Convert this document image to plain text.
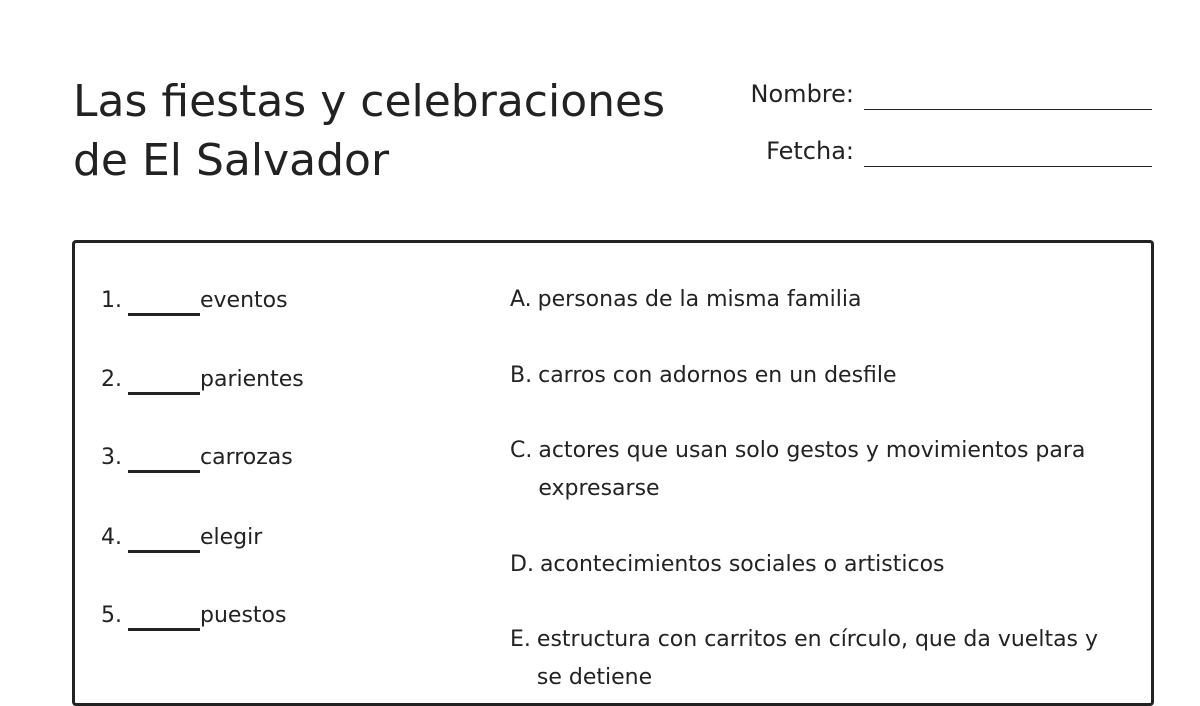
Las fiestas y celebraciones
de El Salvador
Nombre:
Fetcha:
1.	eventos
2.	parientes
3.	carrozas
4.	elegir
5.	puestos
A. personas de la misma familia
B. carros con adornos en un desfile
C. actores que usan solo gestos y movimientos para expresarse
D. acontecimientos sociales o artisticos
E. estructura con carritos en círculo, que da vueltas y se detiene
